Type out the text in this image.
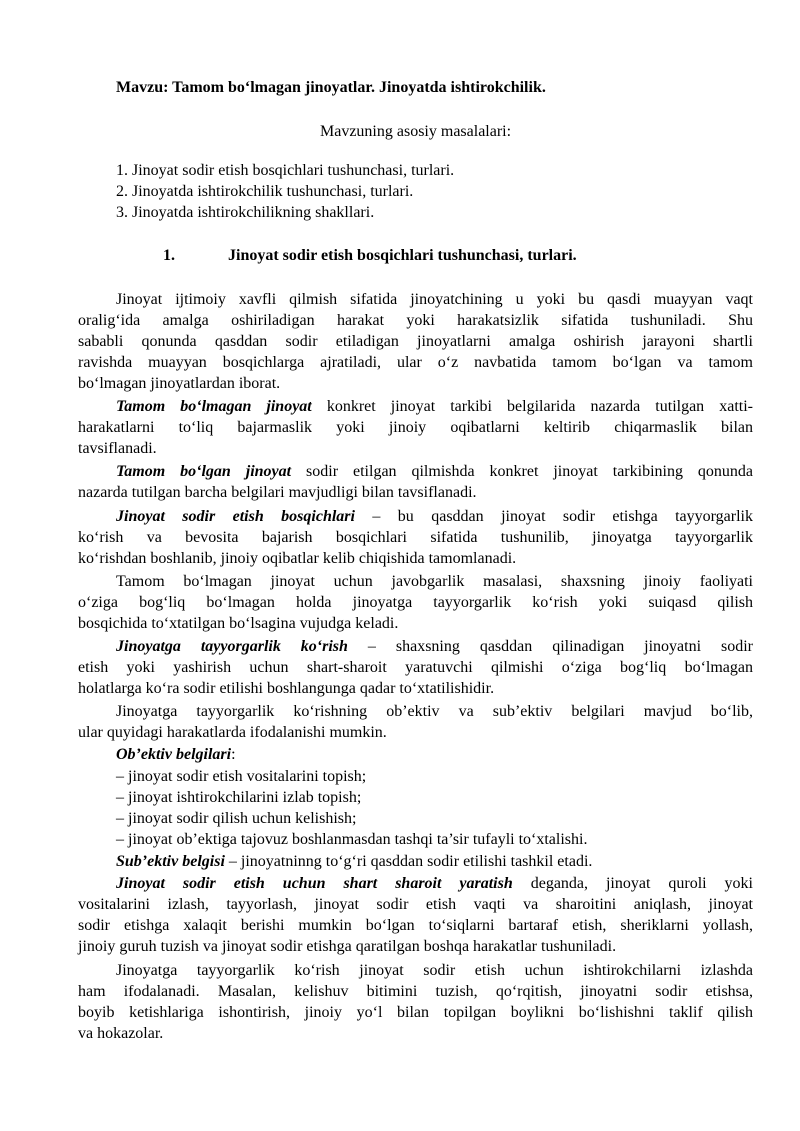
Mavzu: Tamom bo‘lmagan jinoyatlar. Jinoyatda ishtirokchilik.
Mavzuning asosiy masalalari:
1. Jinoyat sodir etish bosqichlari tushunchasi, turlari.
2. Jinoyatda ishtirokchilik tushunchasi, turlari.
3. Jinoyatda ishtirokchilikning shakllari.
1.	Jinoyat sodir etish bosqichlari tushunchasi, turlari.
Jinoyat ijtimoiy xavfli qilmish sifatida jinoyatchining u yoki bu qasdi muayyan vaqt
oralig‘ida amalga oshiriladigan harakat yoki harakatsizlik sifatida tushuniladi. Shu
sababli qonunda qasddan sodir etiladigan jinoyatlarni amalga oshirish jarayoni shartli
ravishda muayyan bosqichlarga ajratiladi, ular o‘z navbatida tamom bo‘lgan va tamom
bo‘lmagan jinoyatlardan iborat.
Tamom bo‘lmagan jinoyat konkret jinoyat tarkibi belgilarida nazarda tutilgan xatti-
harakatlarni to‘liq bajarmaslik yoki jinoiy oqibatlarni keltirib chiqarmaslik bilan
tavsiflanadi.
Tamom bo‘lgan jinoyat sodir etilgan qilmishda konkret jinoyat tarkibining qonunda
nazarda tutilgan barcha belgilari mavjudligi bilan tavsiflanadi.
Jinoyat sodir etish bosqichlari – bu qasddan jinoyat sodir etishga tayyorgarlik
ko‘rish va bevosita bajarish bosqichlari sifatida tushunilib, jinoyatga tayyorgarlik
ko‘rishdan boshlanib, jinoiy oqibatlar kelib chiqishida tamomlanadi.
Tamom bo‘lmagan jinoyat uchun javobgarlik masalasi, shaxsning jinoiy faoliyati
o‘ziga bog‘liq bo‘lmagan holda jinoyatga tayyorgarlik ko‘rish yoki suiqasd qilish
bosqichida to‘xtatilgan bo‘lsagina vujudga keladi.
Jinoyatga tayyorgarlik ko‘rish – shaxsning qasddan qilinadigan jinoyatni sodir
etish yoki yashirish uchun shart-sharoit yaratuvchi qilmishi o‘ziga bog‘liq bo‘lmagan
holatlarga ko‘ra sodir etilishi boshlangunga qadar to‘xtatilishidir.
Jinoyatga tayyorgarlik ko‘rishning ob’ektiv va sub’ektiv belgilari mavjud bo‘lib,
ular quyidagi harakatlarda ifodalanishi mumkin.
Ob’ektiv belgilari:
– jinoyat sodir etish vositalarini topish;
– jinoyat ishtirokchilarini izlab topish;
– jinoyat sodir qilish uchun kelishish;
– jinoyat ob’ektiga tajovuz boshlanmasdan tashqi ta’sir tufayli to‘xtalishi.
Sub’ektiv belgisi – jinoyatninng to‘g‘ri qasddan sodir etilishi tashkil etadi.
Jinoyat sodir etish uchun shart sharoit yaratish deganda, jinoyat quroli yoki
vositalarini izlash, tayyorlash, jinoyat sodir etish vaqti va sharoitini aniqlash, jinoyat
sodir etishga xalaqit berishi mumkin bo‘lgan to‘siqlarni bartaraf etish, sheriklarni yollash,
jinoiy guruh tuzish va jinoyat sodir etishga qaratilgan boshqa harakatlar tushuniladi.
Jinoyatga tayyorgarlik ko‘rish jinoyat sodir etish uchun ishtirokchilarni izlashda
ham ifodalanadi. Masalan, kelishuv bitimini tuzish, qo‘rqitish, jinoyatni sodir etishsa,
boyib ketishlariga ishontirish, jinoiy yo‘l bilan topilgan boylikni bo‘lishishni taklif qilish
va hokazolar.
